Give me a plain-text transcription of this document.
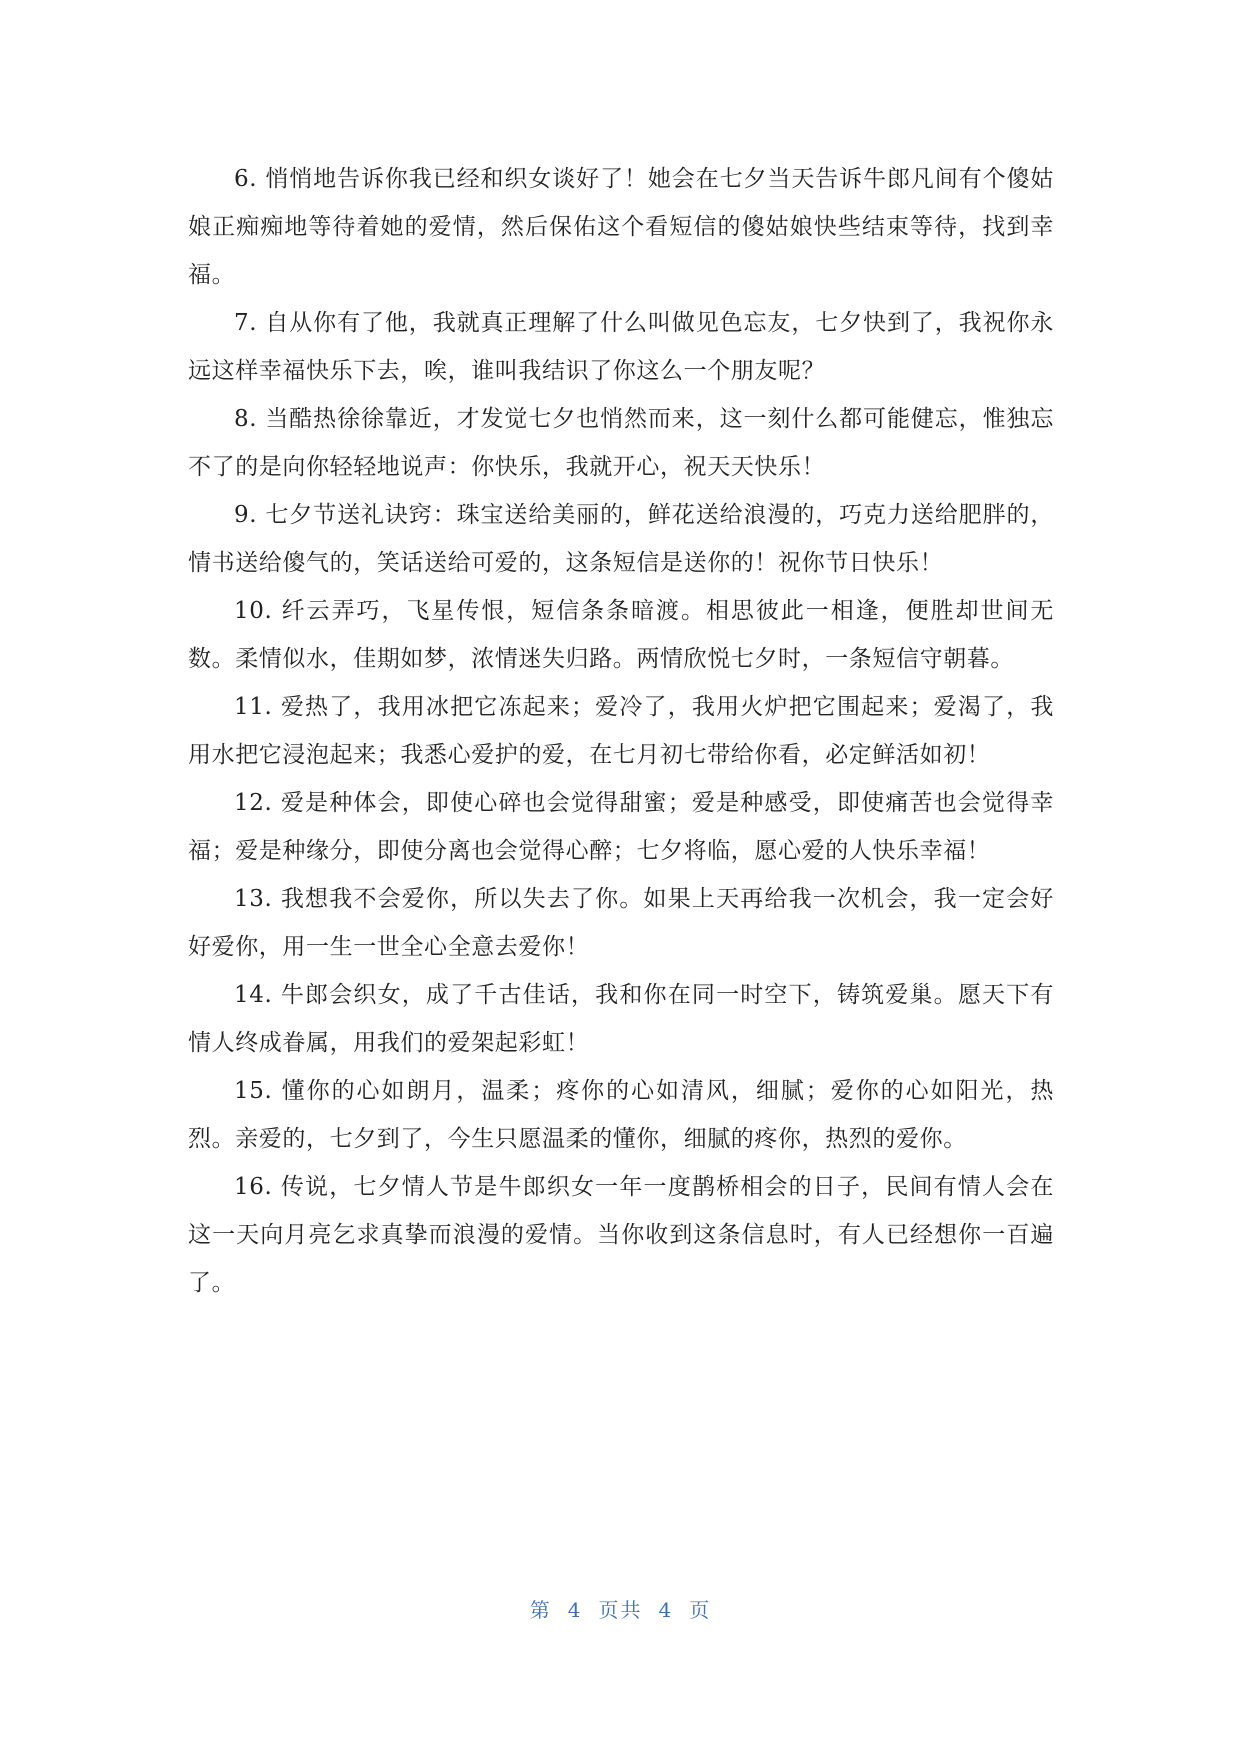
6. 悄悄地告诉你我已经和织女谈好了！她会在七夕当天告诉牛郎凡间有个傻姑娘正痴痴地等待着她的爱情，然后保佑这个看短信的傻姑娘快些结束等待，找到幸福。

7. 自从你有了他，我就真正理解了什么叫做见色忘友，七夕快到了，我祝你永远这样幸福快乐下去，唉，谁叫我结识了你这么一个朋友呢？

8. 当酷热徐徐靠近，才发觉七夕也悄然而来，这一刻什么都可能健忘，惟独忘不了的是向你轻轻地说声：你快乐，我就开心，祝天天快乐！

9. 七夕节送礼诀窍：珠宝送给美丽的，鲜花送给浪漫的，巧克力送给肥胖的，情书送给傻气的，笑话送给可爱的，这条短信是送你的！祝你节日快乐！

10. 纤云弄巧，飞星传恨，短信条条暗渡。相思彼此一相逢，便胜却世间无数。柔情似水，佳期如梦，浓情迷失归路。两情欣悦七夕时，一条短信守朝暮。

11. 爱热了，我用冰把它冻起来；爱冷了，我用火炉把它围起来；爱渴了，我用水把它浸泡起来；我悉心爱护的爱，在七月初七带给你看，必定鲜活如初！

12. 爱是种体会，即使心碎也会觉得甜蜜；爱是种感受，即使痛苦也会觉得幸福；爱是种缘分，即使分离也会觉得心醉；七夕将临，愿心爱的人快乐幸福！

13. 我想我不会爱你，所以失去了你。如果上天再给我一次机会，我一定会好好爱你，用一生一世全心全意去爱你！

14. 牛郎会织女，成了千古佳话，我和你在同一时空下，铸筑爱巢。愿天下有情人终成眷属，用我们的爱架起彩虹！

15. 懂你的心如朗月，温柔；疼你的心如清风，细腻；爱你的心如阳光，热烈。亲爱的，七夕到了，今生只愿温柔的懂你，细腻的疼你，热烈的爱你。

16. 传说，七夕情人节是牛郎织女一年一度鹊桥相会的日子，民间有情人会在这一天向月亮乞求真挚而浪漫的爱情。当你收到这条信息时，有人已经想你一百遍了。

第 4 页共 4 页
